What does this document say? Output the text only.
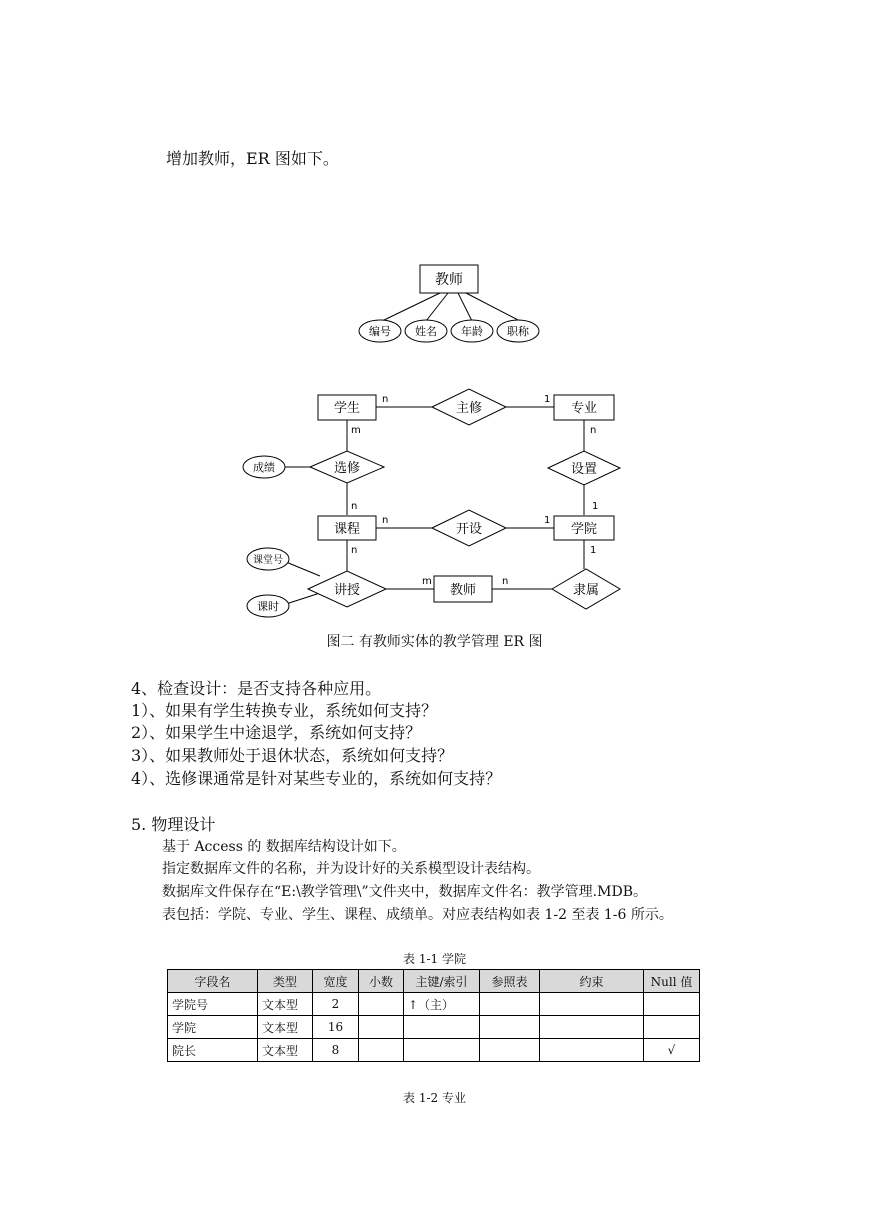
增加教师，ER 图如下。
教师
编号 姓名 年龄 职称
学生	专业
课程	学院
教师
主修
选修	设置
开设
讲授	隶属
成绩
课堂号
课时
n	1
m	n
n	1
n	1
n	1
m	n
图二 有教师实体的教学管理 ER 图
4、检查设计：是否支持各种应用。
1）、如果有学生转换专业，系统如何支持？
2）、如果学生中途退学，系统如何支持？
3）、如果教师处于退休状态，系统如何支持？
4）、选修课通常是针对某些专业的，系统如何支持？
5. 物理设计
基于 Access 的 数据库结构设计如下。
指定数据库文件的名称，并为设计好的关系模型设计表结构。
数据库文件保存在“E:\教学管理\”文件夹中，数据库文件名：教学管理.MDB。
表包括：学院、专业、学生、课程、成绩单。对应表结构如表 1-2 至表 1-6 所示。
表 1-1 学院
字段名	类型	宽度	小数	主键/索引	参照表	约束	Null 值
学院号	文本型	2		↑（主）			
学院	文本型	16					
院长	文本型	8					√
表 1-2 专业
